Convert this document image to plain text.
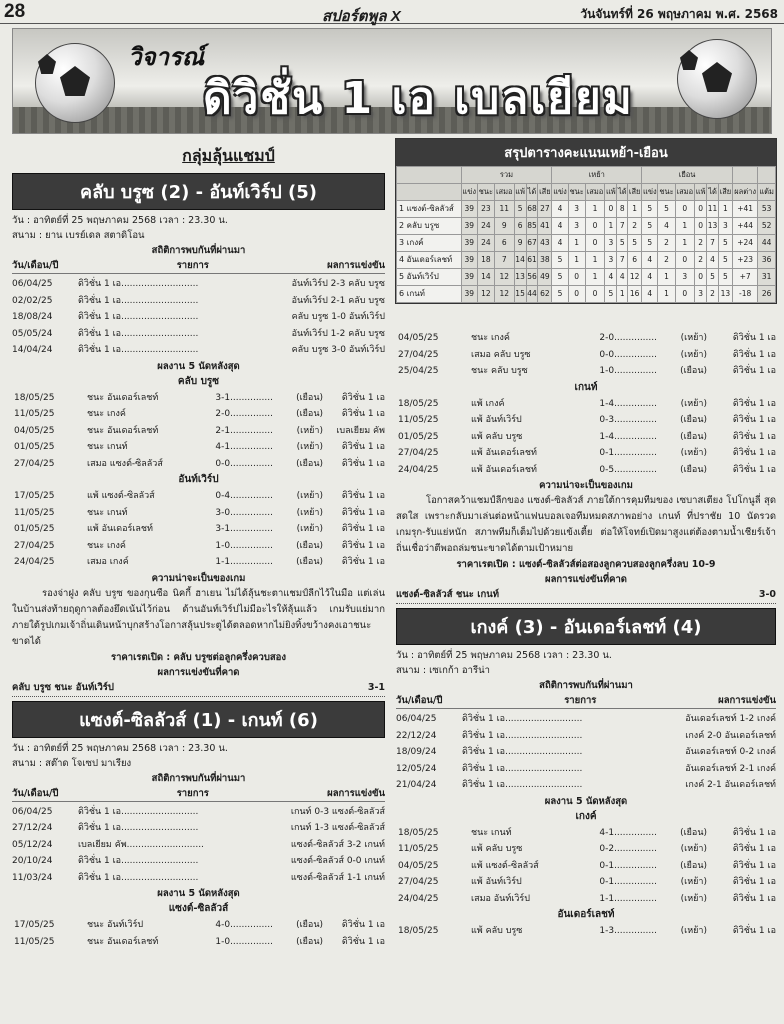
28	สปอร์ตพูล X	วันจันทร์ที่ 26 พฤษภาคม พ.ศ. 2568
วิจารณ์
ดิวิชั่น 1 เอ เบลเยียม
สรุปตารางคะแนนเหย้า-เยือน
	รวม						เหย้า						เยือน							
	แข่ง	ชนะ	เสมอ	แพ้	ได้	เสีย	แข่ง	ชนะ	เสมอ	แพ้	ได้	เสีย	แข่ง	ชนะ	เสมอ	แพ้	ได้	เสีย	ผลต่าง	แต้ม
1 แซงต์-ซิลลัวส์	39	23	11	5	68	27	4	3	1	0	8	1	5	5	0	0	11	1	+41	53
2 คลับ บรูซ	39	24	9	6	85	41	4	3	0	1	7	2	5	4	1	0	13	3	+44	52
3 เกงค์	39	24	6	9	67	43	4	1	0	3	5	5	5	2	1	2	7	5	+24	44
4 อันเดอร์เลชท์	39	18	7	14	61	38	5	1	1	3	7	6	4	2	0	2	4	5	+23	36
5 อันท์เวิร์ป	39	14	12	13	56	49	5	0	1	4	4	12	4	1	3	0	5	5	+7	31
6 เกนท์	39	12	12	15	44	62	5	0	0	5	1	16	4	1	0	3	2	13	-18	26
กลุ่มลุ้นแชมป์
คลับ บรูซ (2) - อันท์เวิร์ป (5)
วัน : อาทิตย์ที่ 25 พฤษภาคม 2568 เวลา : 23.30 น.
สนาม : ยาน เบรย์เดล สตาดิโอน
สถิติการพบกันที่ผ่านมา
วัน/เดือน/ปี	รายการ	ผลการแข่งขัน
06/04/25	ดิวิชั่น 1 เอ...........................	อันท์เวิร์ป 2-3 คลับ บรูซ
02/02/25	ดิวิชั่น 1 เอ...........................	อันท์เวิร์ป 2-1 คลับ บรูซ
18/08/24	ดิวิชั่น 1 เอ...........................	คลับ บรูซ 1-0 อันท์เวิร์ป
05/05/24	ดิวิชั่น 1 เอ...........................	อันท์เวิร์ป 1-2 คลับ บรูซ
14/04/24	ดิวิชั่น 1 เอ...........................	คลับ บรูซ 3-0 อันท์เวิร์ป
ผลงาน 5 นัดหลังสุด
คลับ บรูซ
18/05/25	ชนะ อันเดอร์เลชท์	3-1...............	(เยือน)	ดิวิชั่น 1 เอ
11/05/25	ชนะ เกงค์	2-0...............	(เยือน)	ดิวิชั่น 1 เอ
04/05/25	ชนะ อันเดอร์เลชท์	2-1...............	(เหย้า)	เบลเยียม คัพ
01/05/25	ชนะ เกนท์	4-1...............	(เหย้า)	ดิวิชั่น 1 เอ
27/04/25	เสมอ แซงต์-ซิลลัวส์	0-0...............	(เยือน)	ดิวิชั่น 1 เอ
อันท์เวิร์ป
17/05/25	แพ้ แซงต์-ซิลลัวส์	0-4...............	(เหย้า)	ดิวิชั่น 1 เอ
11/05/25	ชนะ เกนท์	3-0...............	(เหย้า)	ดิวิชั่น 1 เอ
01/05/25	แพ้ อันเดอร์เลชท์	3-1...............	(เหย้า)	ดิวิชั่น 1 เอ
27/04/25	ชนะ เกงค์	1-0...............	(เยือน)	ดิวิชั่น 1 เอ
24/04/25	เสมอ เกงค์	1-1...............	(เยือน)	ดิวิชั่น 1 เอ
ความน่าจะเป็นของเกม
รองจ่าฝูง คลับ บรูซ ของกุนซือ นิคกี้ ฮาเยน ไม่ได้ลุ้นชะตาแชมป์ลีกไว้ในมือ แต่เล่นในบ้านส่งท้ายฤดูกาลต้องยึดเน้นไว้ก่อน ด้านอันท์เวิร์ปไม่มีอะไรให้ลุ้นแล้ว เกมรับแย่มาก ภายใต้รูปเกมเจ้าถิ่นเดินหน้าบุกสร้างโอกาสลุ้นประตูได้ตลอดหากไม่ยิงทิ้งขว้างคงเอาชนะขาดได้
ราคาเรตเปิด : คลับ บรูซต่อลูกครึ่งควบสอง
ผลการแข่งขันที่คาด
คลับ บรูซ ชนะ อันท์เวิร์ป	3-1
แซงต์-ซิลลัวส์ (1) - เกนท์ (6)
วัน : อาทิตย์ที่ 25 พฤษภาคม 2568 เวลา : 23.30 น.
สนาม : สต๊าด โจเซป มาเรียง
สถิติการพบกันที่ผ่านมา
วัน/เดือน/ปี	รายการ	ผลการแข่งขัน
06/04/25	ดิวิชั่น 1 เอ...........................	เกนท์ 0-3 แซงต์-ซิลลัวส์
27/12/24	ดิวิชั่น 1 เอ...........................	เกนท์ 1-3 แซงต์-ซิลลัวส์
05/12/24	เบลเยียม คัพ...........................	แซงต์-ซิลลัวส์ 3-2 เกนท์
20/10/24	ดิวิชั่น 1 เอ...........................	แซงต์-ซิลลัวส์ 0-0 เกนท์
11/03/24	ดิวิชั่น 1 เอ...........................	แซงต์-ซิลลัวส์ 1-1 เกนท์
ผลงาน 5 นัดหลังสุด
แซงต์-ซิลลัวส์
17/05/25	ชนะ อันท์เวิร์ป	4-0...............	(เยือน)	ดิวิชั่น 1 เอ
11/05/25	ชนะ อันเดอร์เลชท์	1-0...............	(เยือน)	ดิวิชั่น 1 เอ
04/05/25	ชนะ เกงค์	2-0...............	(เหย้า)	ดิวิชั่น 1 เอ
27/04/25	เสมอ คลับ บรูซ	0-0...............	(เหย้า)	ดิวิชั่น 1 เอ
25/04/25	ชนะ คลับ บรูซ	1-0...............	(เยือน)	ดิวิชั่น 1 เอ
เกนท์
18/05/25	แพ้ เกงค์	1-4...............	(เหย้า)	ดิวิชั่น 1 เอ
11/05/25	แพ้ อันท์เวิร์ป	0-3...............	(เยือน)	ดิวิชั่น 1 เอ
01/05/25	แพ้ คลับ บรูซ	1-4...............	(เยือน)	ดิวิชั่น 1 เอ
27/04/25	แพ้ อันเดอร์เลชท์	0-1...............	(เหย้า)	ดิวิชั่น 1 เอ
24/04/25	แพ้ อันเดอร์เลชท์	0-5...............	(เยือน)	ดิวิชั่น 1 เอ
ความน่าจะเป็นของเกม
โอกาสคว้าแชมป์ลีกของ แซงต์-ซิลลัวส์ ภายใต้การคุมทีมของ เซบาสเตียง โปโกนูลี่ สุดสดใส เพราะกลับมาเล่นต่อหน้าแฟนบอลเจอทีมหมดสภาพอย่าง เกนท์ ที่ปราชัย 10 นัดรวด เกมรุก-รับแย่หนัก สภาพทีมก็เต็มไปด้วยแข้งเตี้ย ต่อให้โจทย์เปิดมาสูงแต่ต้องตามน้ำเชียร์เจ้าถิ่นเชื่อว่าตีพอถล่มชนะขาดได้ตามเป้าหมาย
ราคาเรตเปิด : แซงต์-ซิลลัวส์ต่อสองลูกควบสองลูกครึ่งลบ 10-9
ผลการแข่งขันที่คาด
แซงต์-ซิลลัวส์ ชนะ เกนท์	3-0
เกงค์ (3) - อันเดอร์เลชท์ (4)
วัน : อาทิตย์ที่ 25 พฤษภาคม 2568 เวลา : 23.30 น.
สนาม : เซเกก้า อารีน่า
สถิติการพบกันที่ผ่านมา
วัน/เดือน/ปี	รายการ	ผลการแข่งขัน
06/04/25	ดิวิชั่น 1 เอ...........................	อันเดอร์เลชท์ 1-2 เกงค์
22/12/24	ดิวิชั่น 1 เอ...........................	เกงค์ 2-0 อันเดอร์เลชท์
18/09/24	ดิวิชั่น 1 เอ...........................	อันเดอร์เลชท์ 0-2 เกงค์
12/05/24	ดิวิชั่น 1 เอ...........................	อันเดอร์เลชท์ 2-1 เกงค์
21/04/24	ดิวิชั่น 1 เอ...........................	เกงค์ 2-1 อันเดอร์เลชท์
ผลงาน 5 นัดหลังสุด
เกงค์
18/05/25	ชนะ เกนท์	4-1...............	(เยือน)	ดิวิชั่น 1 เอ
11/05/25	แพ้ คลับ บรูซ	0-2...............	(เหย้า)	ดิวิชั่น 1 เอ
04/05/25	แพ้ แซงต์-ซิลลัวส์	0-1...............	(เยือน)	ดิวิชั่น 1 เอ
27/04/25	แพ้ อันท์เวิร์ป	0-1...............	(เหย้า)	ดิวิชั่น 1 เอ
24/04/25	เสมอ อันท์เวิร์ป	1-1...............	(เหย้า)	ดิวิชั่น 1 เอ
อันเดอร์เลชท์
18/05/25	แพ้ คลับ บรูซ	1-3...............	(เหย้า)	ดิวิชั่น 1 เอ
